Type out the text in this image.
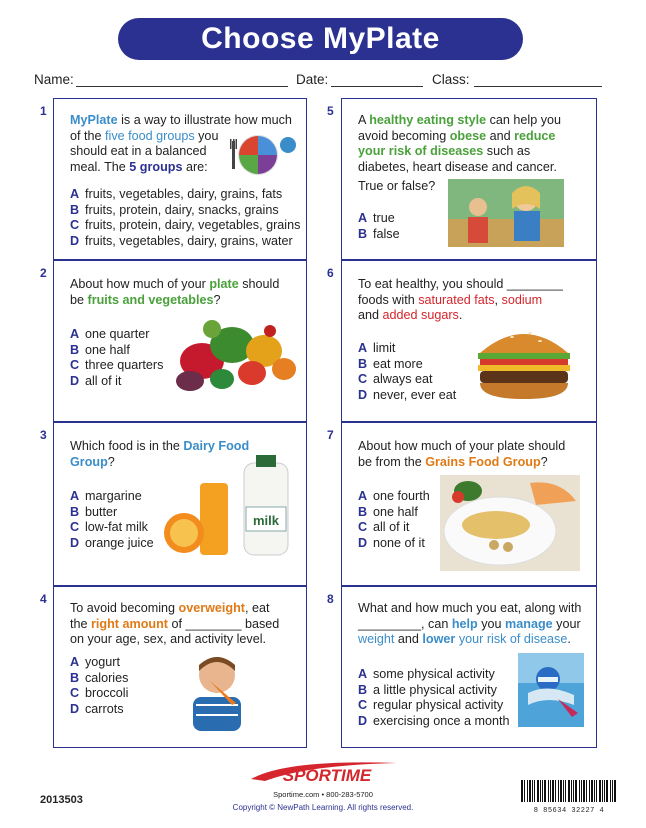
Choose MyPlate
Name:	Date:	Class:
1
2
3
4
5
6
7
8
MyPlate is a way to illustrate how much
of the five food groups you
should eat in a balanced
meal. The 5 groups are:
A fruits, vegetables, dairy, grains, fats
B fruits, protein, dairy, snacks, grains
C fruits, protein, dairy, vegetables, grains
D fruits, vegetables, dairy, grains, water
About how much of your plate should
be fruits and vegetables?
A one quarter
B one half
C three quarters
D all of it
Which food is in the Dairy Food
Group?
milk
A margarine
B butter
C low-fat milk
D orange juice
To avoid becoming overweight, eat
the right amount of ________ based
on your age, sex, and activity level.
A yogurt
B calories
C broccoli
D carrots
A healthy eating style can help you
avoid becoming obese and reduce
your risk of diseases such as
diabetes, heart disease and cancer.
True or false?
A true
B false
To eat healthy, you should ________
foods with saturated fats, sodium
and added sugars.
A limit
B eat more
C always eat
D never, ever eat
About how much of your plate should
be from the Grains Food Group?
A one fourth
B one half
C all of it
D none of it
What and how much you eat, along with
_________, can help you manage your
weight and lower your risk of disease.
A some physical activity
B a little physical activity
C regular physical activity
D exercising once a month
2013503
SPORTIME
Sportime.com • 800-283-5700
Copyright © NewPath Learning. All rights reserved.	8 85634 32227 4
